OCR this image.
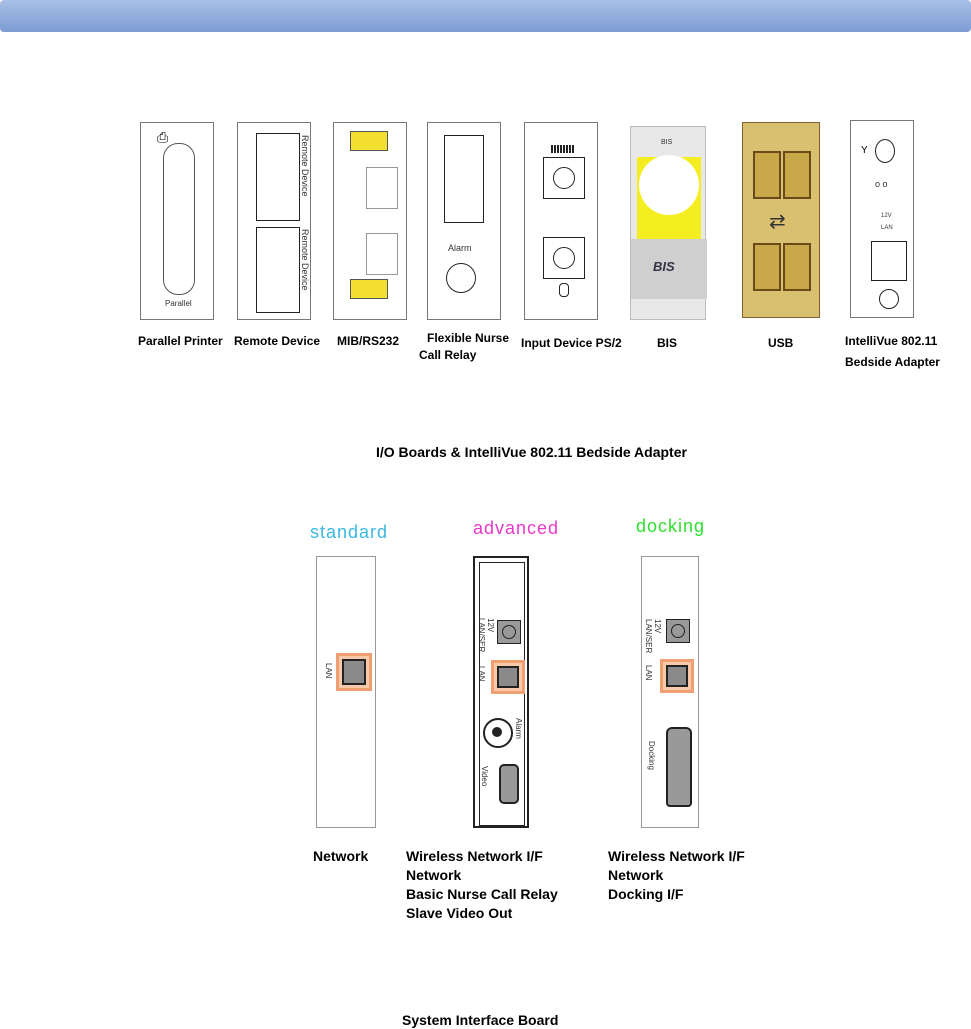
⎙
Parallel
Parallel Printer
Remote Device
Remote Device
Remote Device MIB/RS232
Alarm
Flexible Nurse
Call Relay
Input Device PS/2
BIS
BIS
BIS
⇄
USB
Υ
o o
12V
LAN
IntelliVue 802.11
Bedside Adapter
I/O Boards & IntelliVue 802.11 Bedside Adapter
standard	advanced	docking
LAN
12V
LAN/SER
LAN
Alarm
Video
12V
LAN/SER
LAN
Docking
Network	Wireless Network I/F
Network
Basic Nurse Call Relay
Slave Video Out
Wireless Network I/F
Network
Docking I/F
System Interface Board
